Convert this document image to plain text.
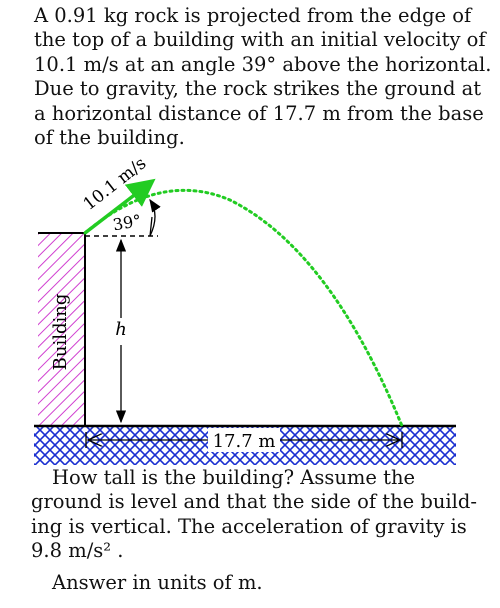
A 0.91 kg rock is projected from the edge of
the top of a building with an initial velocity of
10.1 m/s at an angle 39° above the horizontal.
Due to gravity, the rock strikes the ground at
a horizontal distance of 17.7 m from the base
of the building.
Building
10.1 m/s
39°
h
17.7 m
How tall is the building? Assume the
ground is level and that the side of the build-
ing is vertical. The acceleration of gravity is
9.8 m/s² .
Answer in units of m.
